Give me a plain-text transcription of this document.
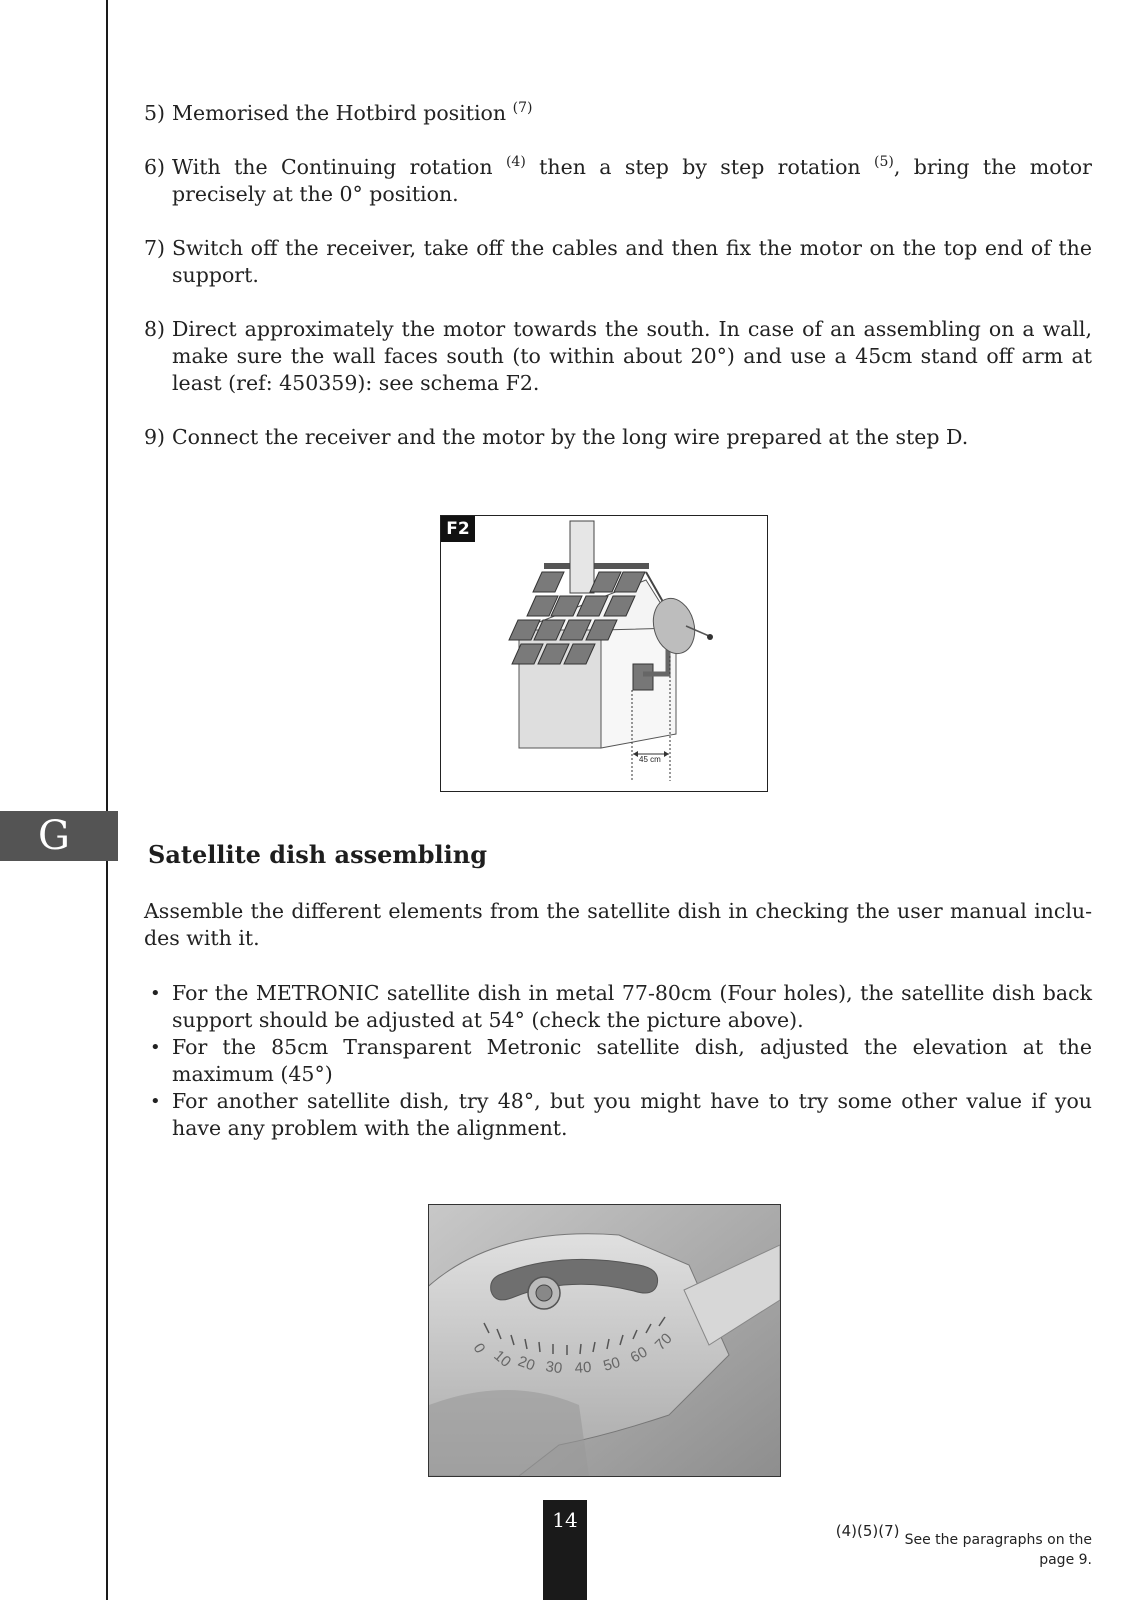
G
5) Memorised the Hotbird position $^{(7)}$
6) With the Continuing rotation $^{(4)}$ then a step by step rotation $^{(5)}$, bring the motor precisely at the 0° position.
7) Switch off the receiver, take off the cables and then fix the motor on the top end of the support.
8) Direct approximately the motor towards the south. In case of an assembling on a wall, make sure the wall faces south (to within about 20°) and use a 45cm stand off arm at least (ref: 450359): see schema F2.
9) Connect the receiver and the motor by the long wire prepared at the step D.
45 cm
F2
Satellite dish assembling
Assemble the different elements from the satellite dish in checking the user manual inclu-des with it.
• For the METRONIC satellite dish in metal 77-80cm (Four holes), the satellite dish back support should be adjusted at 54° (check the picture above).
• For the 85cm Transparent Metronic satellite dish, adjusted the elevation at the maximum (45°)
• For another satellite dish, try 48°, but you might have to try some other value if you have any problem with the alignment.
0 10 20 30 40 50 60
70
14	(4)(5)(7) See the paragraphs on the
page 9.
